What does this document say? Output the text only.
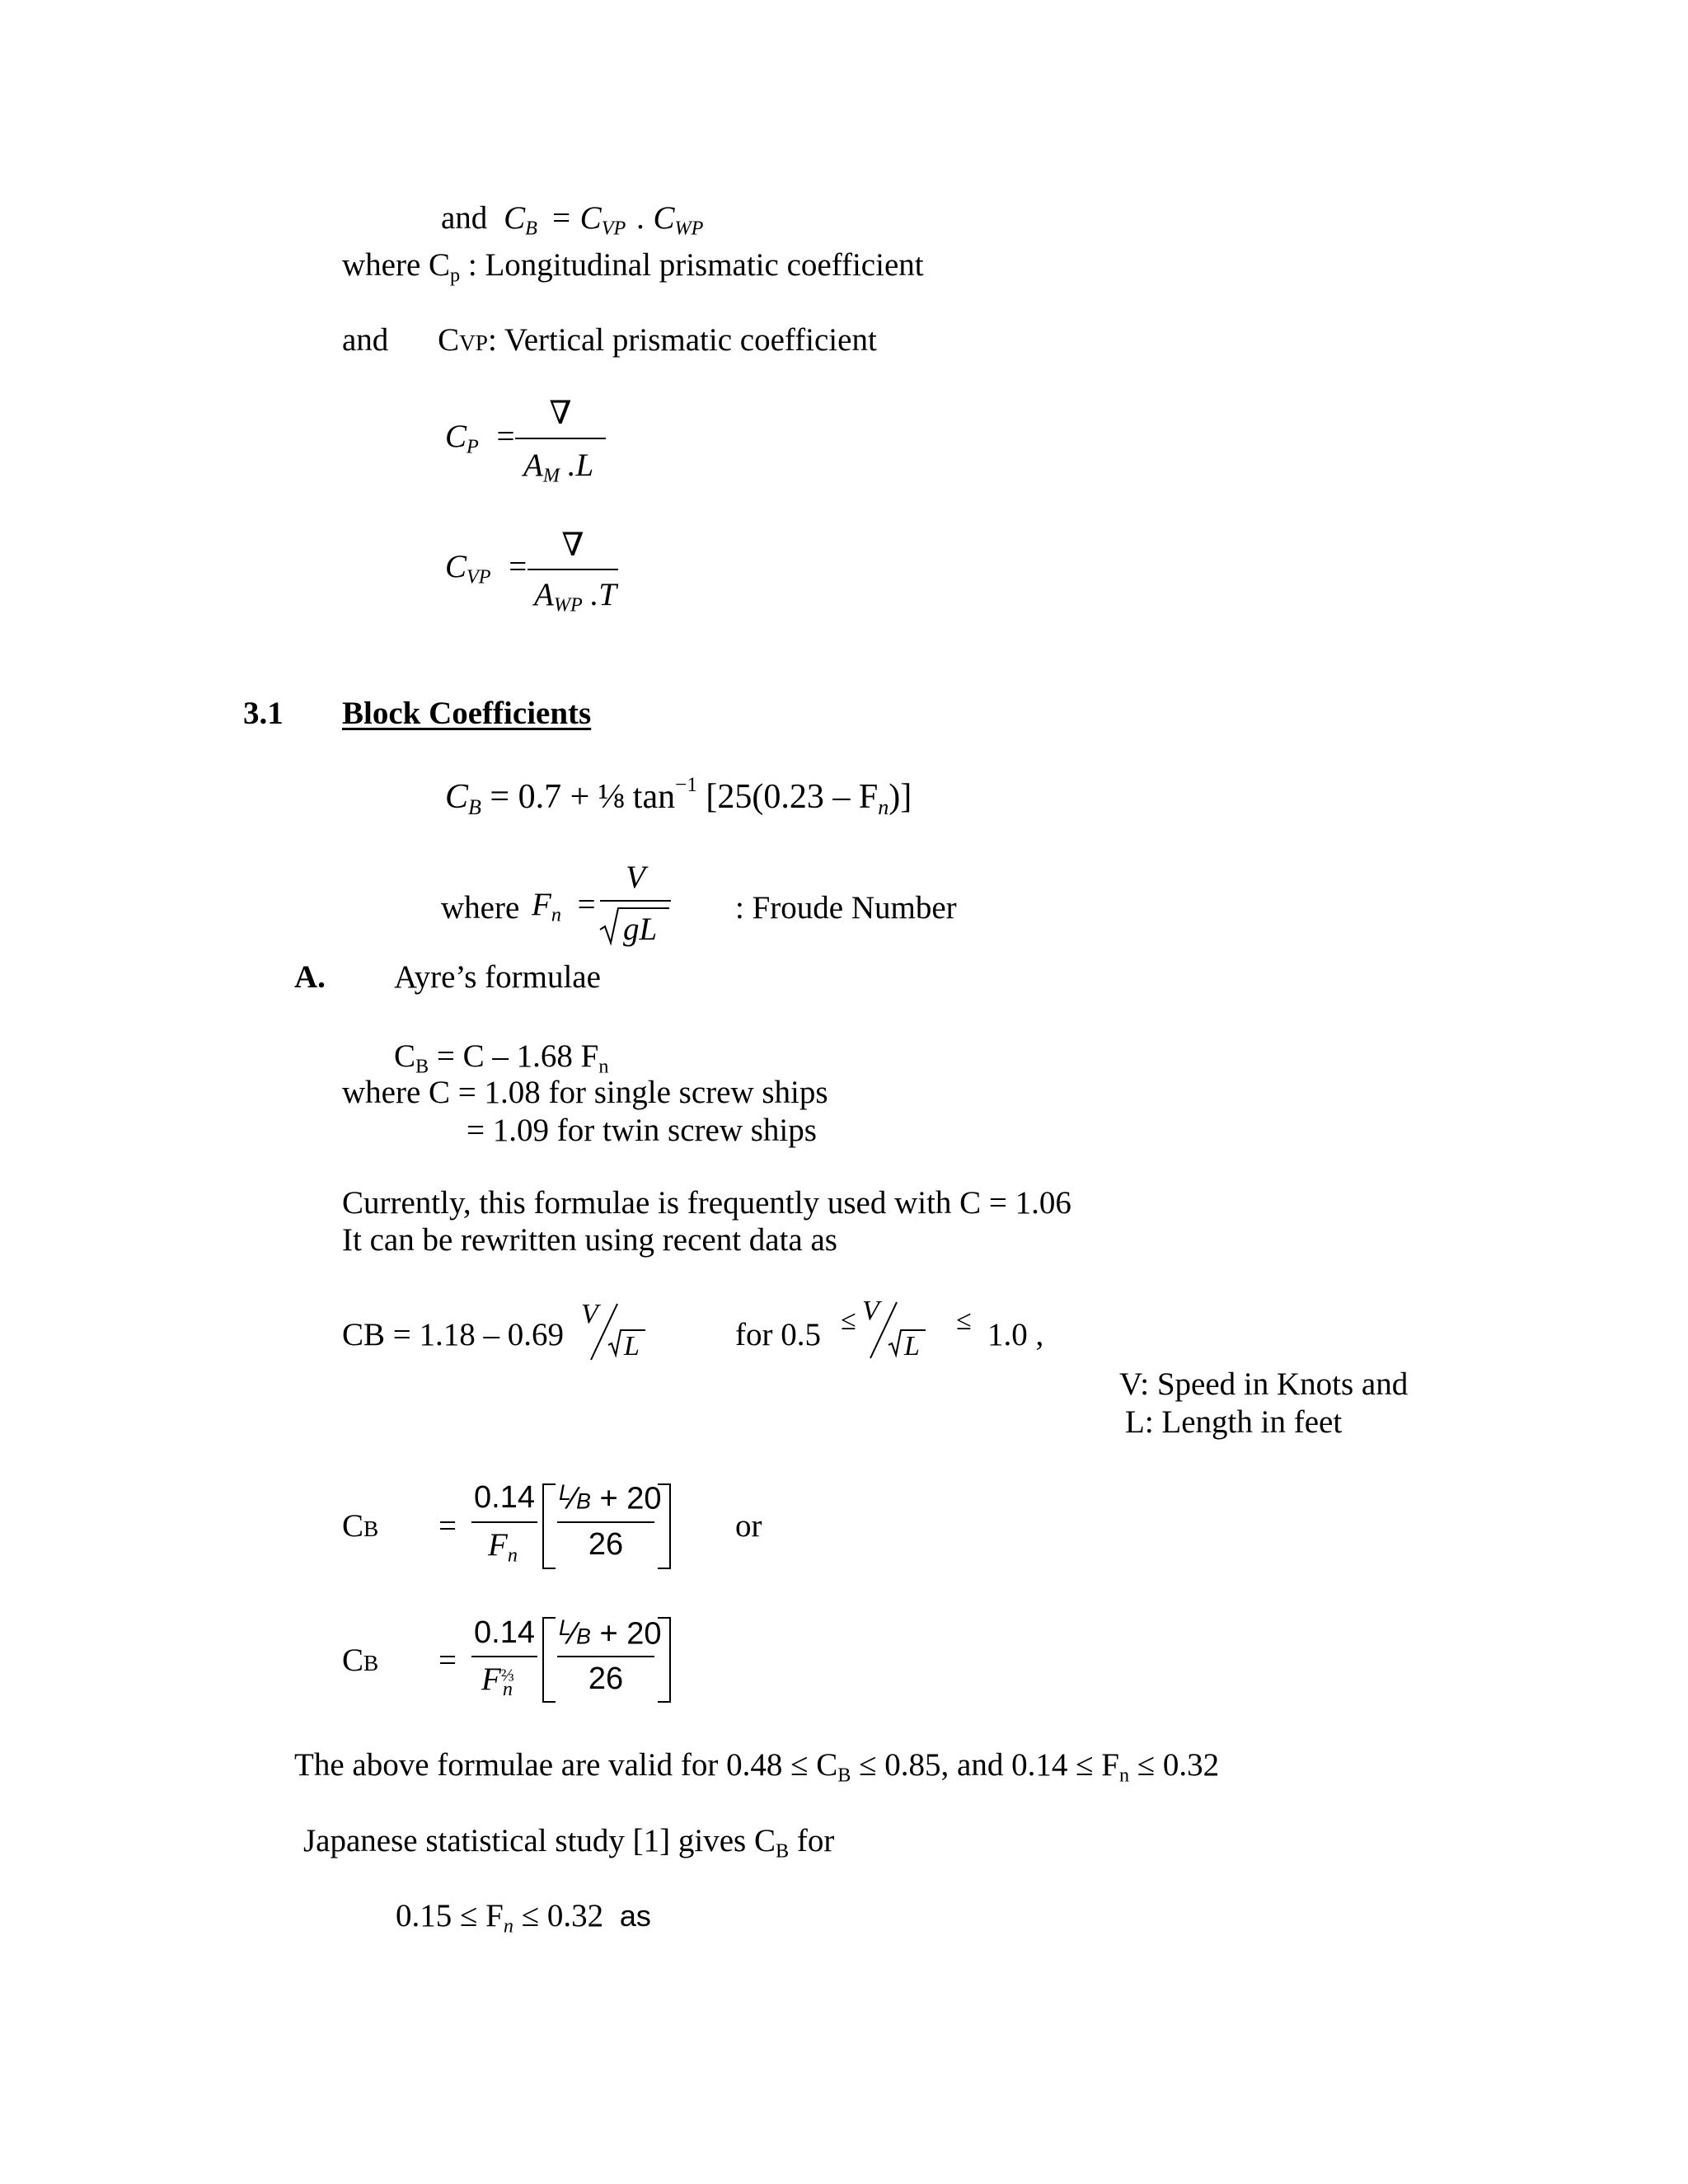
and CB = CVP . CWP
where $C_p$ : Longitudinal prismatic coefficient
and CVP: Vertical prismatic coefficient
CP =
∇
AM .L
CVP =
∇
AWP .T
3.1 Block Coefficients
CB = 0.7 + ⅛ $\tan^{-1} [25(0.23 - Fn)]$
where Fn =
V
gL
: Froude Number
A. Ayre’s formulae
$C_B = C - 1.68$ $F_n$
where C = 1.08 for single screw ships
= 1.09 for twin screw ships
Currently, this formulae is frequently used with C = 1.06
It can be rewritten using recent data as
CB = 1.18 – 0.69
V
L	for 0.5 ≤ V
L
≤ 1.0 ,
V: Speed in Knots and
L: Length in feet
CB =
0.14
Fn
$^L$⁄B + 20
26
or
CB =
0.14
$F^{\frac{2}{3}}n$
$^L$⁄B + 20
26
The above formulae are valid for $0.48 \le C_B \le 0.85$, and $0.14 \le F_n \le 0.32$
Japanese statistical study [1] gives $C_B$ for
0.15 ≤ Fn ≤ 0.32 as
